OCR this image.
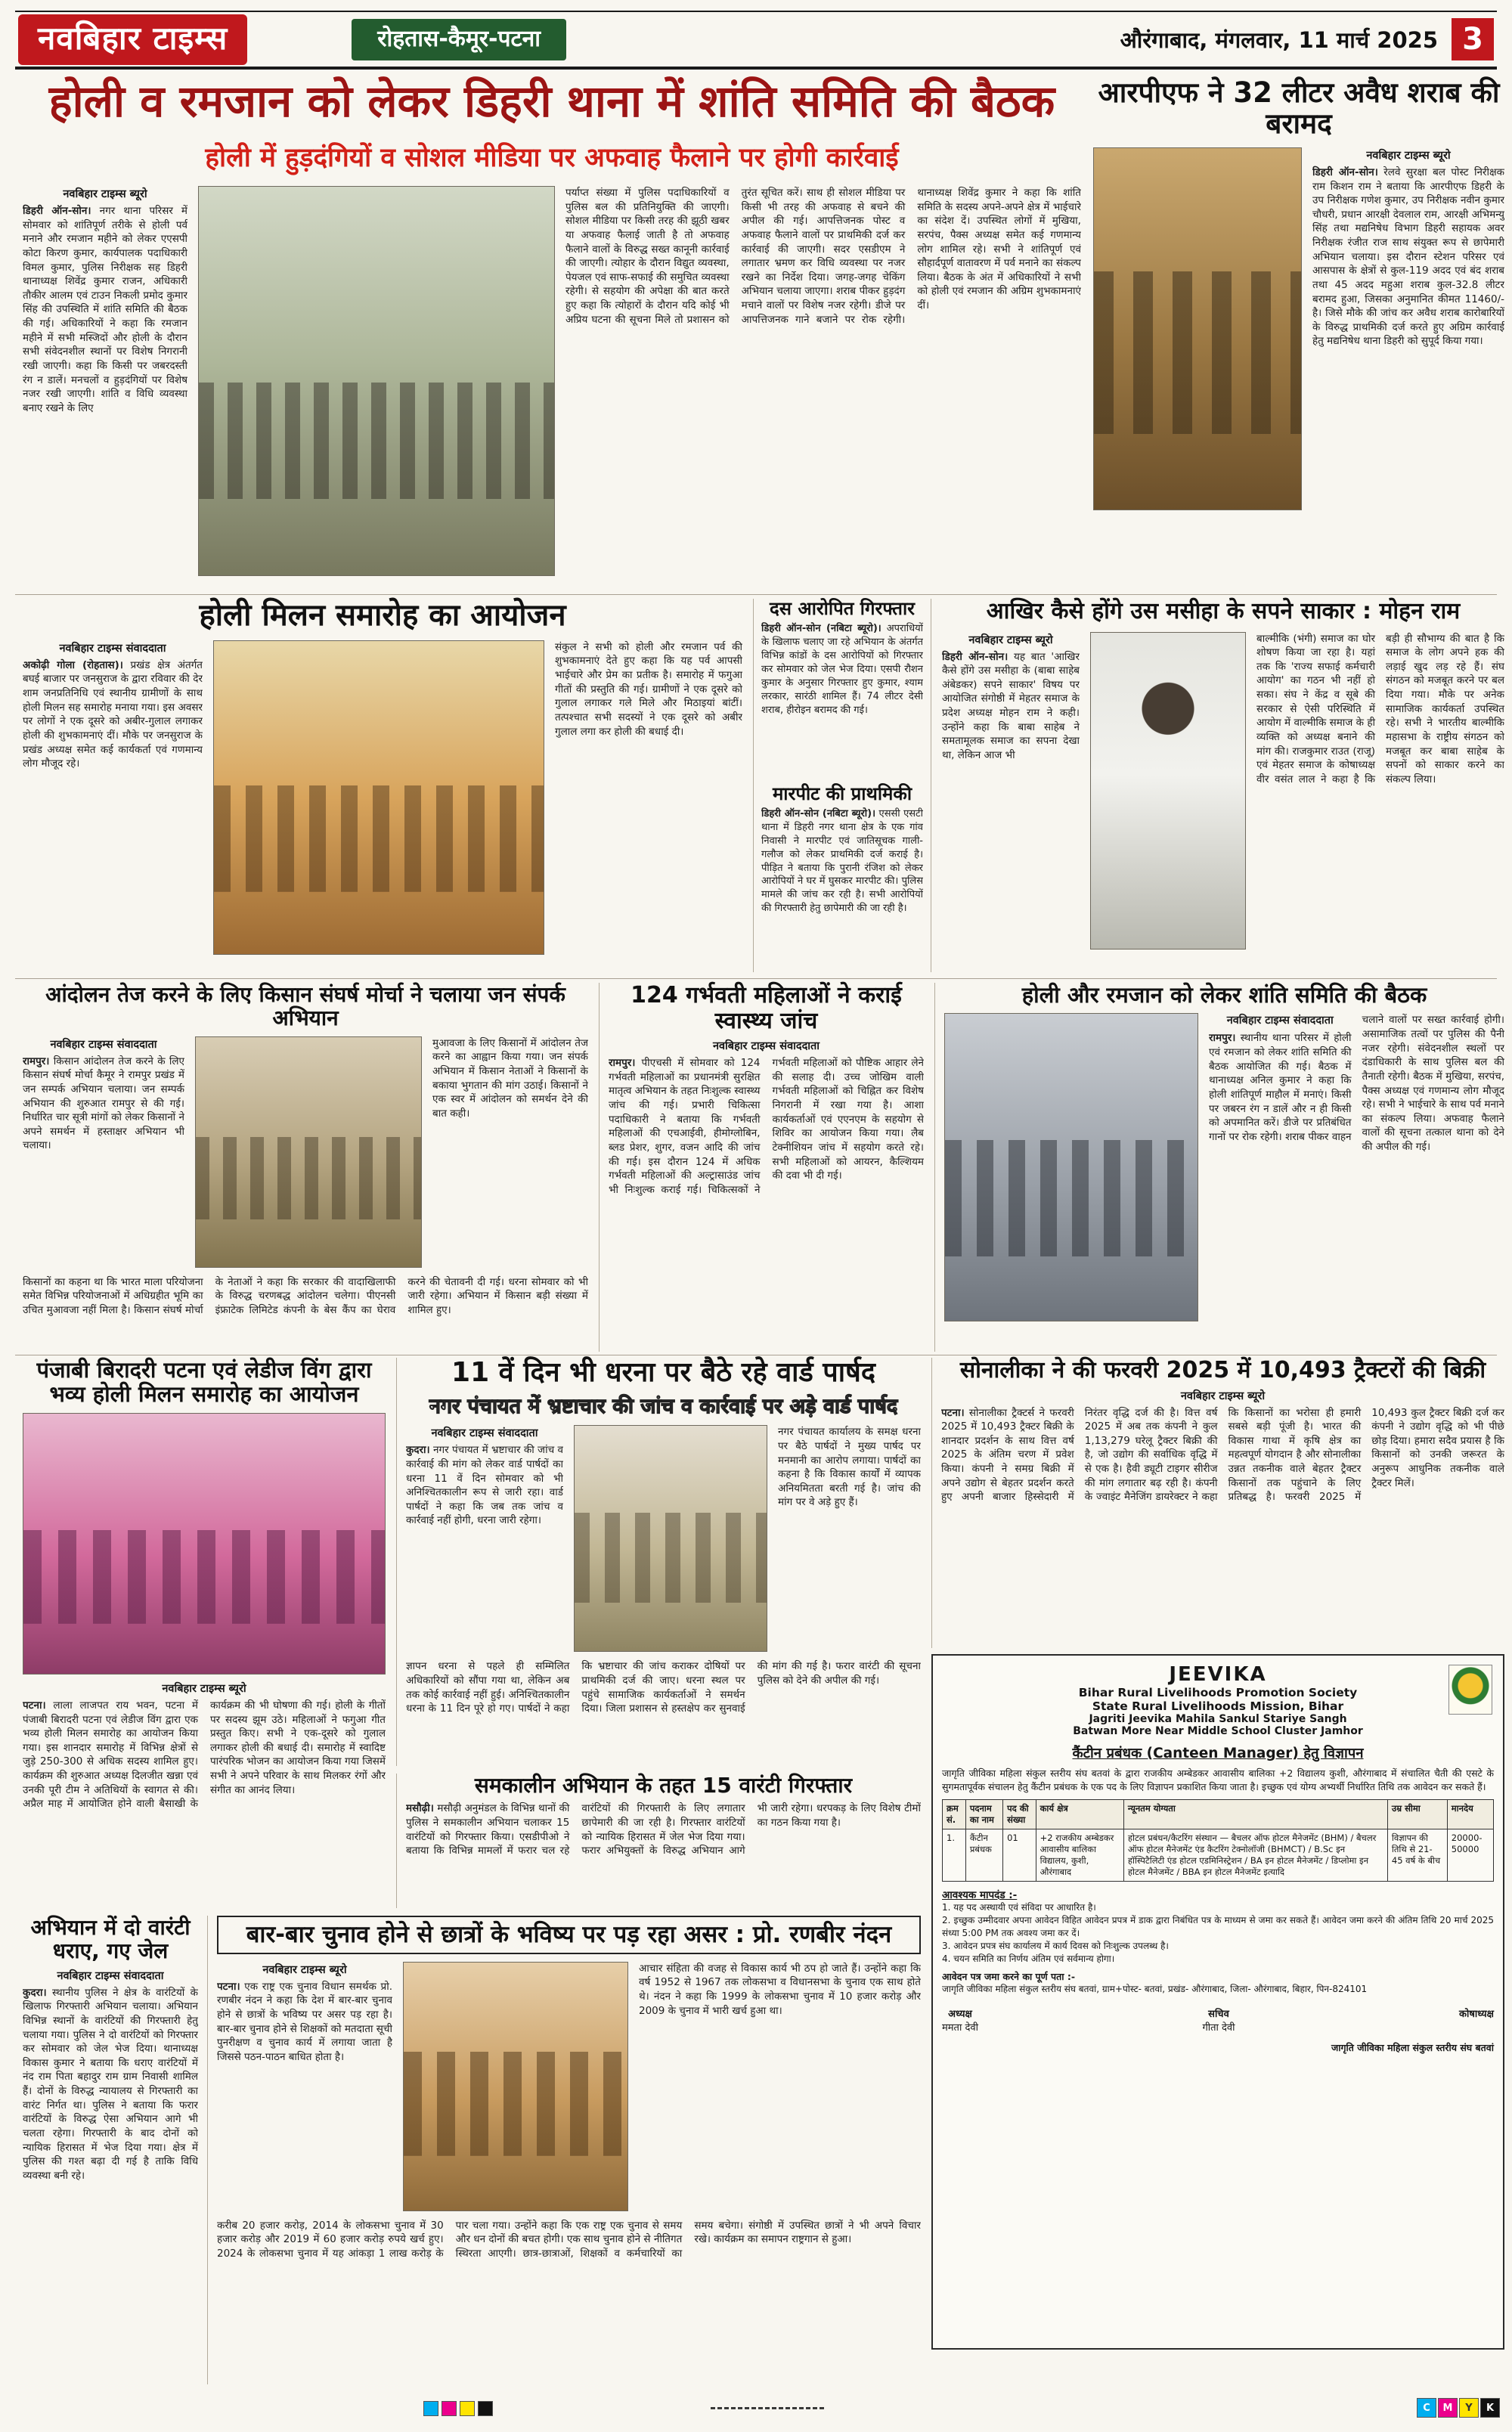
नवबिहार टाइम्स	रोहतास-कैमूर-पटना	औरंगाबाद, मंगलवार, 11 मार्च 2025 3
होली व रमजान को लेकर डिहरी थाना में शांति समिति की बैठक
होली में हुड़दंगियों व सोशल मीडिया पर अफवाह फैलाने पर होगी कार्रवाई
नवबिहार टाइम्स ब्यूरो

डिहरी ऑन-सोन। नगर थाना परिसर में सोमवार को शांतिपूर्ण तरीके से होली पर्व मनाने और रमजान महीने को लेकर एएसपी कोटा किरण कुमार, कार्यपालक पदाधिकारी विमल कुमार, पुलिस निरीक्षक सह डिहरी थानाध्यक्ष शिवेंद्र कुमार राजन, अधिकारी तौकीर आलम एवं टाउन निकली प्रमोद कुमार सिंह की उपस्थिति में शांति समिति की बैठक की गई। अधिकारियों ने कहा कि रमजान महीने में सभी मस्जिदों और होली के दौरान सभी संवेदनशील स्थानों पर विशेष निगरानी रखी जाएगी। कहा कि किसी पर जबरदस्ती रंग न डालें। मनचलों व हुड़दंगियों पर विशेष नजर रखी जाएगी। शांति व विधि व्यवस्था बनाए रखने के लिए

पर्याप्त संख्या में पुलिस पदाधिकारियों व पुलिस बल की प्रतिनियुक्ति की जाएगी। सोशल मीडिया पर किसी तरह की झूठी खबर या अफवाह फैलाई जाती है तो अफवाह फैलाने वालों के विरुद्ध सख्त कानूनी कार्रवाई की जाएगी। त्योहार के दौरान विद्युत व्यवस्था, पेयजल एवं साफ-सफाई की समुचित व्यवस्था रहेगी। से सहयोग की अपेक्षा की बात करते हुए कहा कि त्योहारों के दौरान यदि कोई भी अप्रिय घटना की सूचना मिले तो प्रशासन को तुरंत सूचित करें। साथ ही सोशल मीडिया पर किसी भी तरह की अफवाह से बचने की अपील की गई। आपत्तिजनक पोस्ट व अफवाह फैलाने वालों पर प्राथमिकी दर्ज कर कार्रवाई की जाएगी। सदर एसडीएम ने लगातार भ्रमण कर विधि व्यवस्था पर नजर रखने का निर्देश दिया। जगह-जगह चेकिंग अभियान चलाया जाएगा। शराब पीकर हुड़दंग मचाने वालों पर विशेष नजर रहेगी। डीजे पर आपत्तिजनक गाने बजाने पर रोक रहेगी। थानाध्यक्ष शिवेंद्र कुमार ने कहा कि शांति समिति के सदस्य अपने-अपने क्षेत्र में भाईचारे का संदेश दें। उपस्थित लोगों में मुखिया, सरपंच, पैक्स अध्यक्ष समेत कई गणमान्य लोग शामिल रहे। सभी ने शांतिपूर्ण एवं सौहार्दपूर्ण वातावरण में पर्व मनाने का संकल्प लिया। बैठक के अंत में अधिकारियों ने सभी को होली एवं रमजान की अग्रिम शुभकामनाएं दीं।
आरपीएफ ने 32 लीटर अवैध शराब की बरामद
नवबिहार टाइम्स ब्यूरो

डिहरी ऑन-सोन। रेलवे सुरक्षा बल पोस्ट निरीक्षक राम किशन राम ने बताया कि आरपीएफ डिहरी के उप निरीक्षक गणेश कुमार, उप निरीक्षक नवीन कुमार चौधरी, प्रधान आरक्षी देवलाल राम, आरक्षी अभिमन्यु सिंह तथा मद्यनिषेध विभाग डिहरी सहायक अवर निरीक्षक रंजीत राज साथ संयुक्त रूप से छापेमारी अभियान चलाया। इस दौरान स्टेशन परिसर एवं आसपास के क्षेत्रों से कुल-119 अदद एवं बंद शराब तथा 45 अदद महुआ शराब कुल-32.8 लीटर बरामद हुआ, जिसका अनुमानित कीमत 11460/- है। जिसे मौके की जांच कर अवैध शराब कारोबारियों के विरुद्ध प्राथमिकी दर्ज करते हुए अग्रिम कार्रवाई हेतु मद्यनिषेध थाना डिहरी को सुपूर्द किया गया।

होली मिलन समारोह का आयोजन
नवबिहार टाइम्स संवाददाता

अकोढ़ी गोला (रोहतास)। प्रखंड क्षेत्र अंतर्गत बघई बाजार पर जनसुराज के द्वारा रविवार की देर शाम जनप्रतिनिधि एवं स्थानीय ग्रामीणों के साथ होली मिलन सह समारोह मनाया गया। इस अवसर पर लोगों ने एक दूसरे को अबीर-गुलाल लगाकर होली की शुभकामनाएं दीं। मौके पर जनसुराज के प्रखंड अध्यक्ष समेत कई कार्यकर्ता एवं गणमान्य लोग मौजूद रहे।

संकुल ने सभी को होली और रमजान पर्व की शुभकामनाएं देते हुए कहा कि यह पर्व आपसी भाईचारे और प्रेम का प्रतीक है। समारोह में फगुआ गीतों की प्रस्तुति की गई। ग्रामीणों ने एक दूसरे को गुलाल लगाकर गले मिले और मिठाइयां बांटीं। तत्पश्चात सभी सदस्यों ने एक दूसरे को अबीर गुलाल लगा कर होली की बधाई दी।

दस आरोपित गिरफ्तार

डिहरी ऑन-सोन (नबिटा ब्यूरो)। अपराधियों के खिलाफ चलाए जा रहे अभियान के अंतर्गत विभिन्न कांडों के दस आरोपियों को गिरफ्तार कर सोमवार को जेल भेज दिया। एसपी रौशन कुमार के अनुसार गिरफ्तार हुए कुमार, श्याम लरकार, सारंठी शामिल हैं। 74 लीटर देसी शराब, हीरोइन बरामद की गई।

मारपीट की प्राथमिकी

डिहरी ऑन-सोन (नबिटा ब्यूरो)। एससी एसटी थाना में डिहरी नगर थाना क्षेत्र के एक गांव निवासी ने मारपीट एवं जातिसूचक गाली-गलौज को लेकर प्राथमिकी दर्ज कराई है। पीड़ित ने बताया कि पुरानी रंजिश को लेकर आरोपियों ने घर में घुसकर मारपीट की। पुलिस मामले की जांच कर रही है। सभी आरोपियों की गिरफ्तारी हेतु छापेमारी की जा रही है।

आखिर कैसे होंगे उस मसीहा के सपने साकार : मोहन राम
नवबिहार टाइम्स ब्यूरो

डिहरी ऑन-सोन। यह बात 'आखिर कैसे होंगे उस मसीहा के (बाबा साहेब अंबेडकर) सपने साकार' विषय पर आयोजित संगोष्ठी में मेहतर समाज के प्रदेश अध्यक्ष मोहन राम ने कही। उन्होंने कहा कि बाबा साहेब ने समतामूलक समाज का सपना देखा था, लेकिन आज भी

बाल्मीकि (भंगी) समाज का घोर शोषण किया जा रहा है। यहां तक कि 'राज्य सफाई कर्मचारी आयोग' का गठन भी नहीं हो सका। संघ ने केंद्र व सूबे की सरकार से ऐसी परिस्थिति में आयोग में वाल्मीकि समाज के ही व्यक्ति को अध्यक्ष बनाने की मांग की। राजकुमार राउत (राजू) एवं मेहतर समाज के कोषाध्यक्ष वीर वसंत लाल ने कहा है कि बड़ी ही सौभाग्य की बात है कि समाज के लोग अपने हक की लड़ाई खुद लड़ रहे हैं। संघ संगठन को मजबूत करने पर बल दिया गया। मौके पर अनेक सामाजिक कार्यकर्ता उपस्थित रहे। सभी ने भारतीय बाल्मीकि महासभा के राष्ट्रीय संगठन को मजबूत कर बाबा साहेब के सपनों को साकार करने का संकल्प लिया।
आंदोलन तेज करने के लिए किसान संघर्ष मोर्चा ने चलाया जन संपर्क अभियान
नवबिहार टाइम्स संवाददाता

रामपुर। किसान आंदोलन तेज करने के लिए किसान संघर्ष मोर्चा कैमूर ने रामपुर प्रखंड में जन सम्पर्क अभियान चलाया। जन सम्पर्क अभियान की शुरुआत रामपुर से की गई। निर्धारित चार सूत्री मांगों को लेकर किसानों ने अपने समर्थन में हस्ताक्षर अभियान भी चलाया।

मुआवजा के लिए किसानों में आंदोलन तेज करने का आह्वान किया गया। जन संपर्क अभियान में किसान नेताओं ने किसानों के बकाया भुगतान की मांग उठाई। किसानों ने एक स्वर में आंदोलन को समर्थन देने की बात कही।

किसानों का कहना था कि भारत माला परियोजना समेत विभिन्न परियोजनाओं में अधिग्रहीत भूमि का उचित मुआवजा नहीं मिला है। किसान संघर्ष मोर्चा के नेताओं ने कहा कि सरकार की वादाखिलाफी के विरुद्ध चरणबद्ध आंदोलन चलेगा। पीएनसी इंफ्राटेक लिमिटेड कंपनी के बेस कैंप का घेराव करने की चेतावनी दी गई। धरना सोमवार को भी जारी रहेगा। अभियान में किसान बड़ी संख्या में शामिल हुए।
124 गर्भवती महिलाओं ने कराई स्वास्थ्य जांच
नवबिहार टाइम्स संवाददाता
रामपुर। पीएचसी में सोमवार को 124 गर्भवती महिलाओं का प्रधानमंत्री सुरक्षित मातृत्व अभियान के तहत निःशुल्क स्वास्थ्य जांच की गई। प्रभारी चिकित्सा पदाधिकारी ने बताया कि गर्भवती महिलाओं की एचआईवी, हीमोग्लोबिन, ब्लड प्रेशर, शुगर, वजन आदि की जांच की गई। इस दौरान 124 में अधिक गर्भवती महिलाओं की अल्ट्रासाउंड जांच भी निःशुल्क कराई गई। चिकित्सकों ने गर्भवती महिलाओं को पौष्टिक आहार लेने की सलाह दी। उच्च जोखिम वाली गर्भवती महिलाओं को चिह्नित कर विशेष निगरानी में रखा गया है। आशा कार्यकर्ताओं एवं एएनएम के सहयोग से शिविर का आयोजन किया गया। लैब टेक्नीशियन जांच में सहयोग करते रहे। सभी महिलाओं को आयरन, कैल्शियम की दवा भी दी गई।
होली और रमजान को लेकर शांति समिति की बैठक
नवबिहार टाइम्स संवाददाता
रामपुर। स्थानीय थाना परिसर में होली एवं रमजान को लेकर शांति समिति की बैठक आयोजित की गई। बैठक में थानाध्यक्ष अनिल कुमार ने कहा कि होली शांतिपूर्ण माहौल में मनाएं। किसी पर जबरन रंग न डालें और न ही किसी को अपमानित करें। डीजे पर प्रतिबंधित गानों पर रोक रहेगी। शराब पीकर वाहन चलाने वालों पर सख्त कार्रवाई होगी। असामाजिक तत्वों पर पुलिस की पैनी नजर रहेगी। संवेदनशील स्थलों पर दंडाधिकारी के साथ पुलिस बल की तैनाती रहेगी। बैठक में मुखिया, सरपंच, पैक्स अध्यक्ष एवं गणमान्य लोग मौजूद रहे। सभी ने भाईचारे के साथ पर्व मनाने का संकल्प लिया। अफवाह फैलाने वालों की सूचना तत्काल थाना को देने की अपील की गई।
पंजाबी बिरादरी पटना एवं लेडीज विंग द्वारा भव्य होली मिलन समारोह का आयोजन
नवबिहार टाइम्स ब्यूरो
पटना। लाला लाजपत राय भवन, पटना में पंजाबी बिरादरी पटना एवं लेडीज विंग द्वारा एक भव्य होली मिलन समारोह का आयोजन किया गया। इस शानदार समारोह में विभिन्न क्षेत्रों से जुड़े 250-300 से अधिक सदस्य शामिल हुए। कार्यक्रम की शुरुआत अध्यक्ष दिलजीत खन्ना एवं उनकी पूरी टीम ने अतिथियों के स्वागत से की। अप्रैल माह में आयोजित होने वाली बैसाखी के कार्यक्रम की भी घोषणा की गई। होली के गीतों पर सदस्य झूम उठे। महिलाओं ने फगुआ गीत प्रस्तुत किए। सभी ने एक-दूसरे को गुलाल लगाकर होली की बधाई दी। समारोह में स्वादिष्ट पारंपरिक भोजन का आयोजन किया गया जिसमें सभी ने अपने परिवार के साथ मिलकर रंगों और संगीत का आनंद लिया।
11 वें दिन भी धरना पर बैठे रहे वार्ड पार्षद
नगर पंचायत में भ्रष्टाचार की जांच व कार्रवाई पर अड़े वार्ड पार्षद
नवबिहार टाइम्स संवाददाता

कुदरा। नगर पंचायत में भ्रष्टाचार की जांच व कार्रवाई की मांग को लेकर वार्ड पार्षदों का धरना 11 वें दिन सोमवार को भी अनिश्चितकालीन रूप से जारी रहा। वार्ड पार्षदों ने कहा कि जब तक जांच व कार्रवाई नहीं होगी, धरना जारी रहेगा।

नगर पंचायत कार्यालय के समक्ष धरना पर बैठे पार्षदों ने मुख्य पार्षद पर मनमानी का आरोप लगाया। पार्षदों का कहना है कि विकास कार्यों में व्यापक अनियमितता बरती गई है। जांच की मांग पर वे अड़े हुए हैं।

ज्ञापन धरना से पहले ही सम्मिलित अधिकारियों को सौंपा गया था, लेकिन अब तक कोई कार्रवाई नहीं हुई। अनिश्चितकालीन धरना के 11 दिन पूरे हो गए। पार्षदों ने कहा कि भ्रष्टाचार की जांच कराकर दोषियों पर प्राथमिकी दर्ज की जाए। धरना स्थल पर पहुंचे सामाजिक कार्यकर्ताओं ने समर्थन दिया। जिला प्रशासन से हस्तक्षेप कर सुनवाई की मांग की गई है। फरार वारंटी की सूचना पुलिस को देने की अपील की गई।
सोनालीका ने की फरवरी 2025 में 10,493 ट्रैक्टरों की बिक्री
नवबिहार टाइम्स ब्यूरो
पटना। सोनालीका ट्रैक्टर्स ने फरवरी 2025 में 10,493 ट्रैक्टर बिक्री के शानदार प्रदर्शन के साथ वित्त वर्ष 2025 के अंतिम चरण में प्रवेश किया। कंपनी ने समग्र बिक्री में अपने उद्योग से बेहतर प्रदर्शन करते हुए अपनी बाजार हिस्सेदारी में निरंतर वृद्धि दर्ज की है। वित्त वर्ष 2025 में अब तक कंपनी ने कुल 1,13,279 घरेलू ट्रैक्टर बिक्री की है, जो उद्योग की सर्वाधिक वृद्धि में से एक है। हैवी ड्यूटी टाइगर सीरीज की मांग लगातार बढ़ रही है। कंपनी के ज्वाइंट मैनेजिंग डायरेक्टर ने कहा कि किसानों का भरोसा ही हमारी सबसे बड़ी पूंजी है। भारत की विकास गाथा में कृषि क्षेत्र का महत्वपूर्ण योगदान है और सोनालीका उन्नत तकनीक वाले बेहतर ट्रैक्टर किसानों तक पहुंचाने के लिए प्रतिबद्ध है। फरवरी 2025 में 10,493 कुल ट्रैक्टर बिक्री दर्ज कर कंपनी ने उद्योग वृद्धि को भी पीछे छोड़ दिया। हमारा सदैव प्रयास है कि किसानों को उनकी जरूरत के अनुरूप आधुनिक तकनीक वाले ट्रैक्टर मिलें।
समकालीन अभियान के तहत 15 वारंटी गिरफ्तार
मसौढ़ी। मसौढ़ी अनुमंडल के विभिन्न थानों की पुलिस ने समकालीन अभियान चलाकर 15 वारंटियों को गिरफ्तार किया। एसडीपीओ ने बताया कि विभिन्न मामलों में फरार चल रहे वारंटियों की गिरफ्तारी के लिए लगातार छापेमारी की जा रही है। गिरफ्तार वारंटियों को न्यायिक हिरासत में जेल भेज दिया गया। फरार अभियुक्तों के विरुद्ध अभियान आगे भी जारी रहेगा। धरपकड़ के लिए विशेष टीमों का गठन किया गया है।
अभियान में दो वारंटी धराए, गए जेल
नवबिहार टाइम्स संवाददाता

कुदरा। स्थानीय पुलिस ने क्षेत्र के वारंटियों के खिलाफ गिरफ्तारी अभियान चलाया। अभियान विभिन्न स्थानों के वारंटियों की गिरफ्तारी हेतु चलाया गया। पुलिस ने दो वारंटियों को गिरफ्तार कर सोमवार को जेल भेज दिया। थानाध्यक्ष विकास कुमार ने बताया कि धराए वारंटियों में नंद राम पिता बहादुर राम ग्राम निवासी शामिल हैं। दोनों के विरुद्ध न्यायालय से गिरफ्तारी का वारंट निर्गत था। पुलिस ने बताया कि फरार वारंटियों के विरुद्ध ऐसा अभियान आगे भी चलता रहेगा। गिरफ्तारी के बाद दोनों को न्यायिक हिरासत में भेज दिया गया। क्षेत्र में पुलिस की गश्त बढ़ा दी गई है ताकि विधि व्यवस्था बनी रहे।

बार-बार चुनाव होने से छात्रों के भविष्य पर पड़ रहा असर : प्रो. रणबीर नंदन
नवबिहार टाइम्स ब्यूरो

पटना। एक राष्ट्र एक चुनाव विधान समर्थक प्रो. रणबीर नंदन ने कहा कि देश में बार-बार चुनाव होने से छात्रों के भविष्य पर असर पड़ रहा है। बार-बार चुनाव होने से शिक्षकों को मतदाता सूची पुनरीक्षण व चुनाव कार्य में लगाया जाता है जिससे पठन-पाठन बाधित होता है।

आचार संहिता की वजह से विकास कार्य भी ठप हो जाते हैं। उन्होंने कहा कि वर्ष 1952 से 1967 तक लोकसभा व विधानसभा के चुनाव एक साथ होते थे। नंदन ने कहा कि 1999 के लोकसभा चुनाव में 10 हजार करोड़ और 2009 के चुनाव में भारी खर्च हुआ था।

करीब 20 हजार करोड़, 2014 के लोकसभा चुनाव में 30 हजार करोड़ और 2019 में 60 हजार करोड़ रुपये खर्च हुए। 2024 के लोकसभा चुनाव में यह आंकड़ा 1 लाख करोड़ के पार चला गया। उन्होंने कहा कि एक राष्ट्र एक चुनाव से समय और धन दोनों की बचत होगी। एक साथ चुनाव होने से नीतिगत स्थिरता आएगी। छात्र-छात्राओं, शिक्षकों व कर्मचारियों का समय बचेगा। संगोष्ठी में उपस्थित छात्रों ने भी अपने विचार रखे। कार्यक्रम का समापन राष्ट्रगान से हुआ।
JEEVIKA
Bihar Rural Livelihoods Promotion Society
State Rural Livelihoods Mission, Bihar
Jagriti Jeevika Mahila Sankul Stariye Sangh
Batwan More Near Middle School Cluster Jamhor
कैंटीन प्रबंधक (Canteen Manager) हेतु विज्ञापन

जागृति जीविका महिला संकुल स्तरीय संघ बतवां के द्वारा राजकीय अम्बेडकर आवासीय बालिका +2 विद्यालय कुशी, औरंगाबाद में संचालित चैती की एसटे के सुगमतापूर्वक संचालन हेतु कैंटीन प्रबंधक के एक पद के लिए विज्ञापन प्रकाशित किया जाता है। इच्छुक एवं योग्य अभ्यर्थी निर्धारित तिथि तक आवेदन कर सकते हैं।

क्रम सं.	पदनाम का नाम	पद की संख्या	कार्य क्षेत्र	न्यूनतम योग्यता	उम्र सीमा	मानदेय
1.	कैंटीन प्रबंधक	01	+2 राजकीय अम्बेडकर आवासीय बालिका विद्यालय, कुशी, औरंगाबाद	होटल प्रबंधन/कैटरिंग संस्थान — बैचलर ऑफ होटल मैनेजमेंट (BHM) / बैचलर ऑफ होटल मैनेजमेंट एंड कैटरिंग टेक्नोलॉजी (BHMCT) / B.Sc इन हॉस्पिटैलिटी एंड होटल एडमिनिस्ट्रेशन / BA इन होटल मैनेजमेंट / डिप्लोमा इन होटल मैनेजमेंट / BBA इन होटल मैनेजमेंट इत्यादि	विज्ञापन की तिथि से 21-45 वर्ष के बीच	20000-50000
आवश्यक मापदंड :-

1. यह पद अस्थायी एवं संविदा पर आधारित है।

2. इच्छुक उम्मीदवार अपना आवेदन विहित आवेदन प्रपत्र में डाक द्वारा निबंधित पत्र के माध्यम से जमा कर सकते हैं। आवेदन जमा करने की अंतिम तिथि 20 मार्च 2025 संध्या 5:00 PM तक अवश्य जमा कर दें।

3. आवेदन प्रपत्र संघ कार्यालय में कार्य दिवस को निःशुल्क उपलब्ध है।

4. चयन समिति का निर्णय अंतिम एवं सर्वमान्य होगा।

आवेदन पत्र जमा करने का पूर्ण पता :-
जागृति जीविका महिला संकुल स्तरीय संघ बतवां, ग्राम+पोस्ट- बतवां, प्रखंड- औरंगाबाद, जिला- औरंगाबाद, बिहार, पिन-824101
अध्यक्ष
ममता देवी
सचिव
गीता देवी
कोषाध्यक्ष
जागृति जीविका महिला संकुल स्तरीय संघ बतवां
C	M	Y	K
